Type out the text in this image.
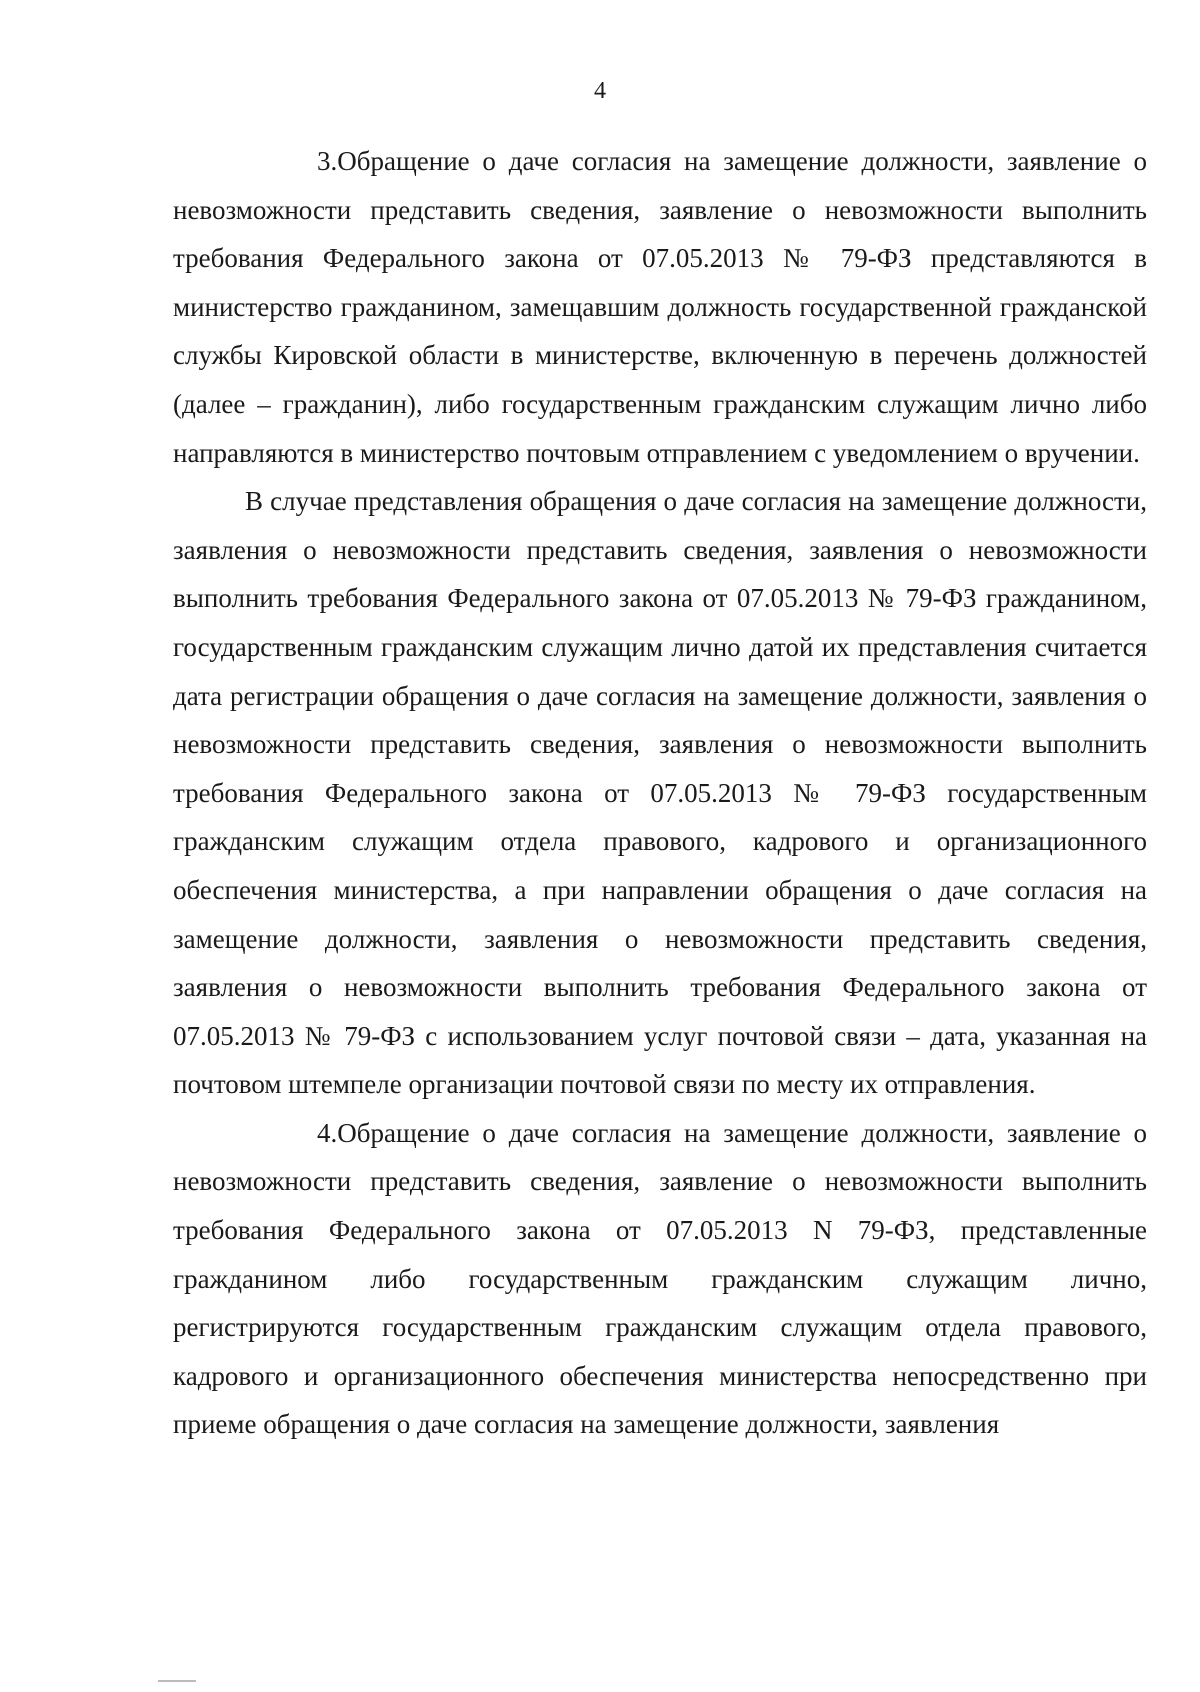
4

3.Обращение о даче согласия на замещение должности, заявление о невозможности представить сведения, заявление о невозможности выполнить требования Федерального закона от 07.05.2013 № 79-ФЗ представляются в министерство гражданином, замещавшим должность государственной гражданской службы Кировской области в министерстве, включенную в перечень должностей (далее – гражданин), либо государственным гражданским служащим лично либо направляются в министерство почтовым отправлением с уведомлением о вручении.

В случае представления обращения о даче согласия на замещение должности, заявления о невозможности представить сведения, заявления о невозможности выполнить требования Федерального закона от 07.05.2013 № 79-ФЗ гражданином, государственным гражданским служащим лично датой их представления считается дата регистрации обращения о даче согласия на замещение должности, заявления о невозможности представить сведения, заявления о невозможности выполнить требования Федерального закона от 07.05.2013 № 79-ФЗ государственным гражданским служащим отдела правового, кадрового и организационного обеспечения министерства, а при направлении обращения о даче согласия на замещение должности, заявления о невозможности представить сведения, заявления о невозможности выполнить требования Федерального закона от 07.05.2013 № 79-ФЗ с использованием услуг почтовой связи – дата, указанная на почтовом штемпеле организации почтовой связи по месту их отправления.

4.Обращение о даче согласия на замещение должности, заявление о невозможности представить сведения, заявление о невозможности выполнить требования Федерального закона от 07.05.2013 N 79-ФЗ, представленные гражданином либо государственным гражданским служащим лично, регистрируются государственным гражданским служащим отдела правового, кадрового и организационного обеспечения министерства непосредственно при приеме обращения о даче согласия на замещение должности, заявления
